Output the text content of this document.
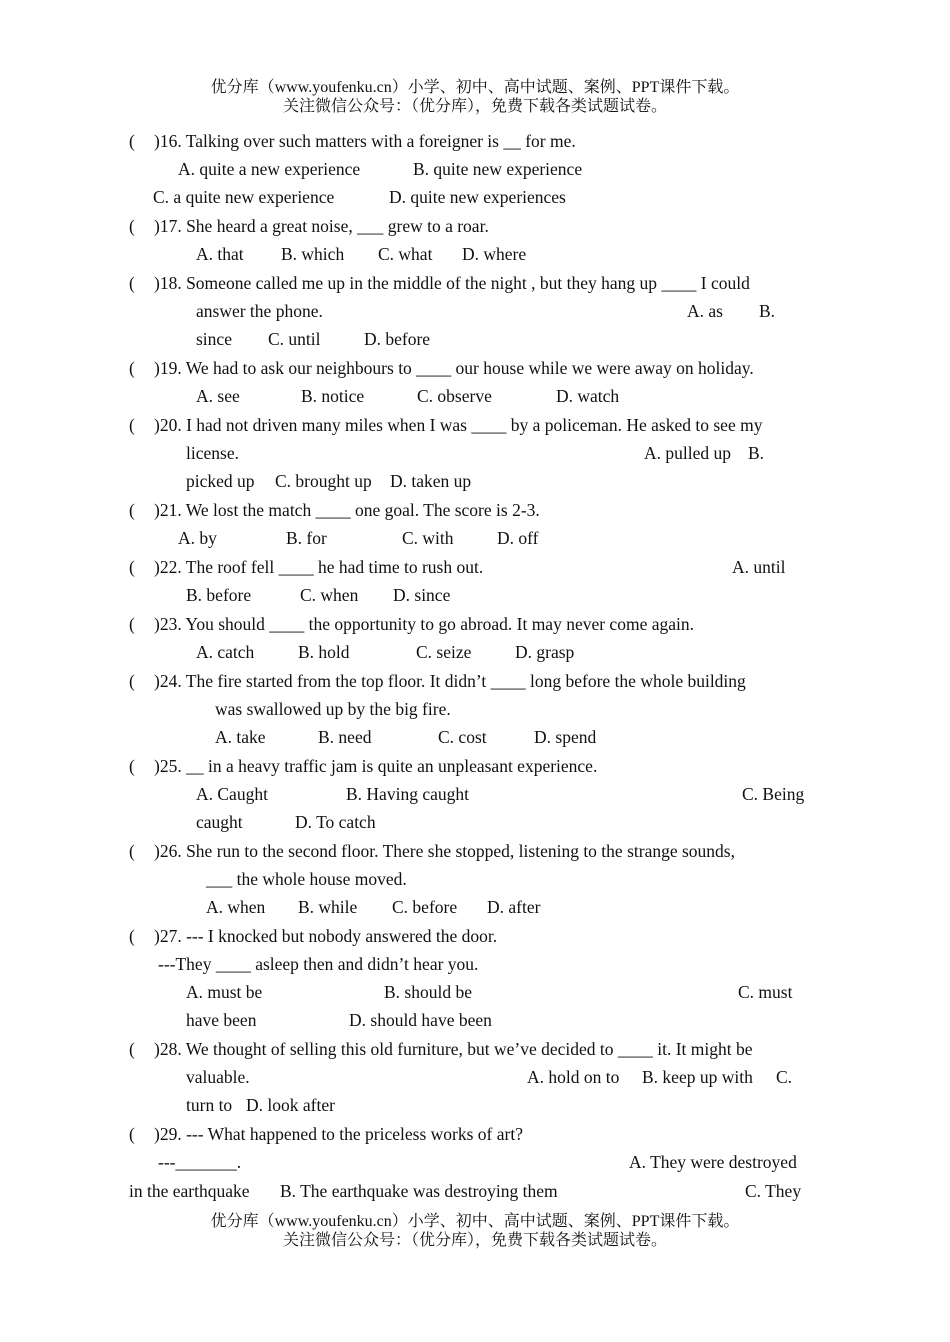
优分库（www.youfenku.cn）小学、初中、高中试题、案例、PPT课件下载。
关注微信公众号：（优分库），免费下载各类试题试卷。
( )16. Talking over such matters with a foreigner is __ for me.
A. quite a new experience	B. quite new experience
C. a quite new experience	D. quite new experiences
( )17. She heard a great noise, ___ grew to a roar.
A. that B. which C. what D. where
( )18. Someone called me up in the middle of the night , but they hang up ____ I could
answer the phone.	A. as B.
since C. until D. before
( )19. We had to ask our neighbours to ____ our house while we were away on holiday.
A. see	B. notice	C. observe	D. watch
( )20. I had not driven many miles when I was ____ by a policeman. He asked to see my
license.	A. pulled up B.
picked up C. brought up D. taken up
( )21. We lost the match ____ one goal. The score is 2-3.
A. by	B. for	C. with D. off
( )22. The roof fell ____ he had time to rush out.	A. until
B. before	C. when D. since
( )23. You should ____ the opportunity to go abroad. It may never come again.
A. catch B. hold	C. seize D. grasp
( )24. The fire started from the top floor. It didn’t ____ long before the whole building
was swallowed up by the big fire.
A. take	B. need	C. cost	D. spend
( )25. __ in a heavy traffic jam is quite an unpleasant experience.
A. Caught	B. Having caught	C. Being
caught	D. To catch
( )26. She run to the second floor. There she stopped, listening to the strange sounds,
___ the whole house moved.
A. when B. while C. before D. after
( )27. --- I knocked but nobody answered the door.
---They ____ asleep then and didn’t hear you.
A. must be	B. should be	C. must
have been	D. should have been
( )28. We thought of selling this old furniture, but we’ve decided to ____ it. It might be
valuable.	A. hold on to B. keep up with C.
turn to D. look after
( )29. --- What happened to the priceless works of art?
---_______.	A. They were destroyed
in the earthquake B. The earthquake was destroying them	C. They
优分库（www.youfenku.cn）小学、初中、高中试题、案例、PPT课件下载。
关注微信公众号：（优分库），免费下载各类试题试卷。
